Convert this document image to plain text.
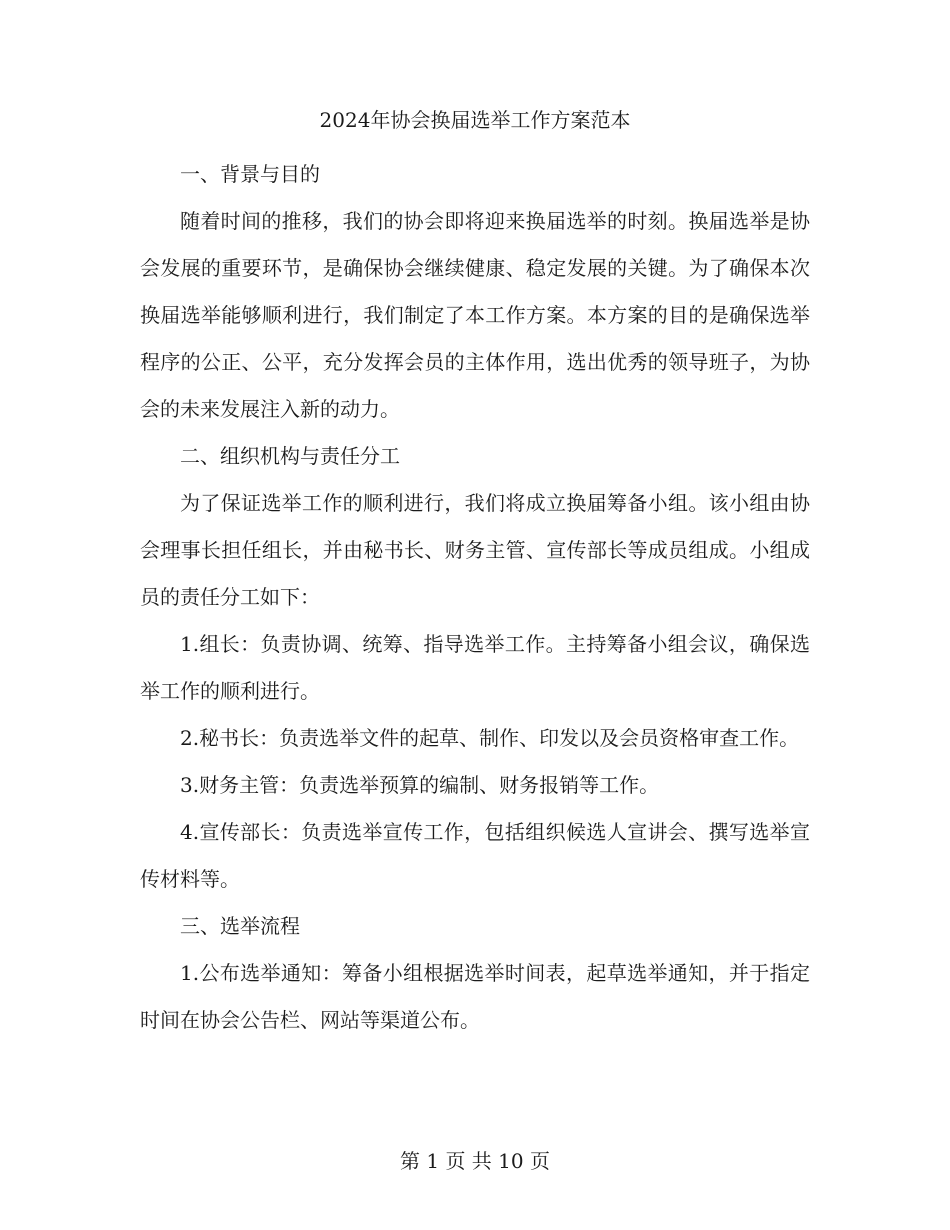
2024年协会换届选举工作方案范本

一、背景与目的

随着时间的推移，我们的协会即将迎来换届选举的时刻。换届选举是协会发展的重要环节，是确保协会继续健康、稳定发展的关键。为了确保本次换届选举能够顺利进行，我们制定了本工作方案。本方案的目的是确保选举程序的公正、公平，充分发挥会员的主体作用，选出优秀的领导班子，为协会的未来发展注入新的动力。

二、组织机构与责任分工

为了保证选举工作的顺利进行，我们将成立换届筹备小组。该小组由协会理事长担任组长，并由秘书长、财务主管、宣传部长等成员组成。小组成员的责任分工如下：

1.组长：负责协调、统筹、指导选举工作。主持筹备小组会议，确保选举工作的顺利进行。

2.秘书长：负责选举文件的起草、制作、印发以及会员资格审查工作。

3.财务主管：负责选举预算的编制、财务报销等工作。

4.宣传部长：负责选举宣传工作，包括组织候选人宣讲会、撰写选举宣传材料等。

三、选举流程

1.公布选举通知：筹备小组根据选举时间表，起草选举通知，并于指定时间在协会公告栏、网站等渠道公布。

第 1 页 共 10 页
